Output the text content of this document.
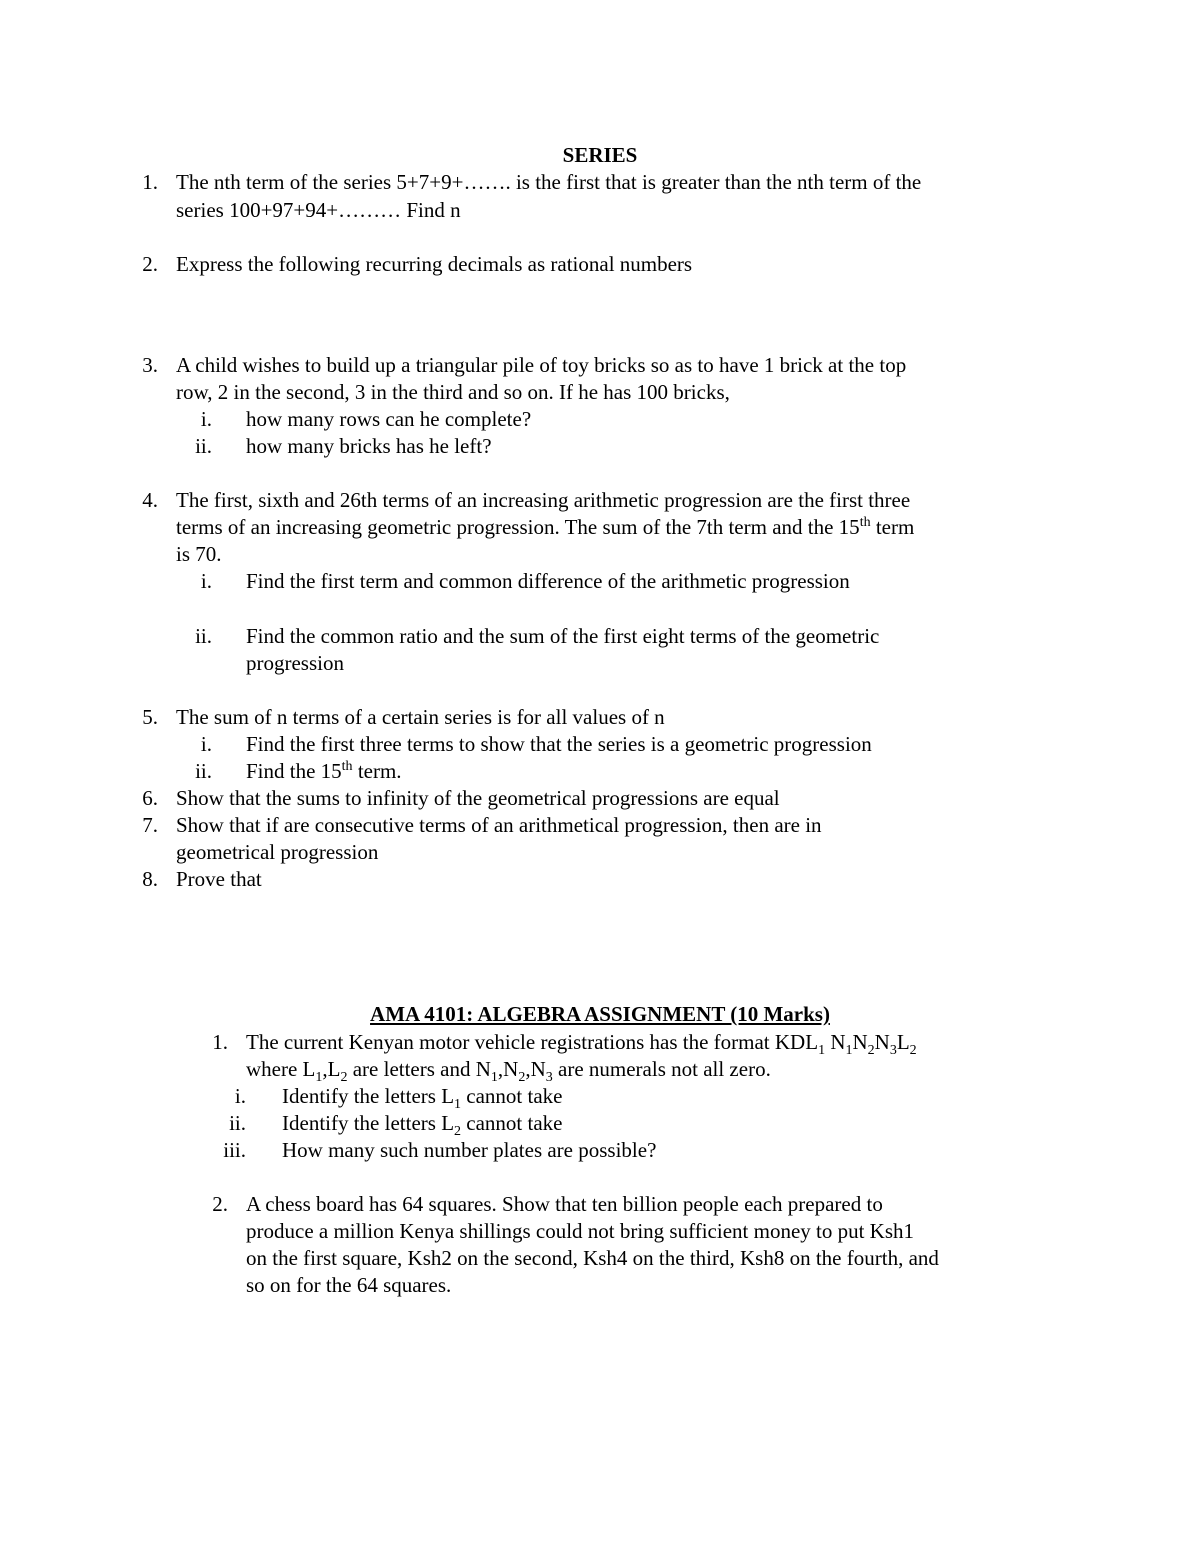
SERIES
1. The nth term of the series 5+7+9+……. is the first that is greater than the nth term of the
series 100+97+94+……… Find n
2. Express the following recurring decimals as rational numbers
3. A child wishes to build up a triangular pile of toy bricks so as to have 1 brick at the top
row, 2 in the second, 3 in the third and so on. If he has 100 bricks,
i. how many rows can he complete?
ii. how many bricks has he left?
4. The first, sixth and 26th terms of an increasing arithmetic progression are the first three
terms of an increasing geometric progression. The sum of the 7th term and the 15th term
is 70.
i. Find the first term and common difference of the arithmetic progression
ii. Find the common ratio and the sum of the first eight terms of the geometric
progression
5. The sum of n terms of a certain series is for all values of n
i. Find the first three terms to show that the series is a geometric progression
ii. Find the 15th term.
6. Show that the sums to infinity of the geometrical progressions are equal
7. Show that if are consecutive terms of an arithmetical progression, then are in
geometrical progression
8. Prove that
AMA 4101: ALGEBRA ASSIGNMENT (10 Marks)
1. The current Kenyan motor vehicle registrations has the format $KDL_1$ $N_1N_2N_3L_2$
where $L_1,L_2$ are letters and $N_1,N_2,N_3$ are numerals not all zero.
i. Identify the letters $L_1$ cannot take
ii. Identify the letters $L_2$ cannot take
iii. How many such number plates are possible?
2. A chess board has 64 squares. Show that ten billion people each prepared to
produce a million Kenya shillings could not bring sufficient money to put Ksh1
on the first square, Ksh2 on the second, Ksh4 on the third, Ksh8 on the fourth, and
so on for the 64 squares.
